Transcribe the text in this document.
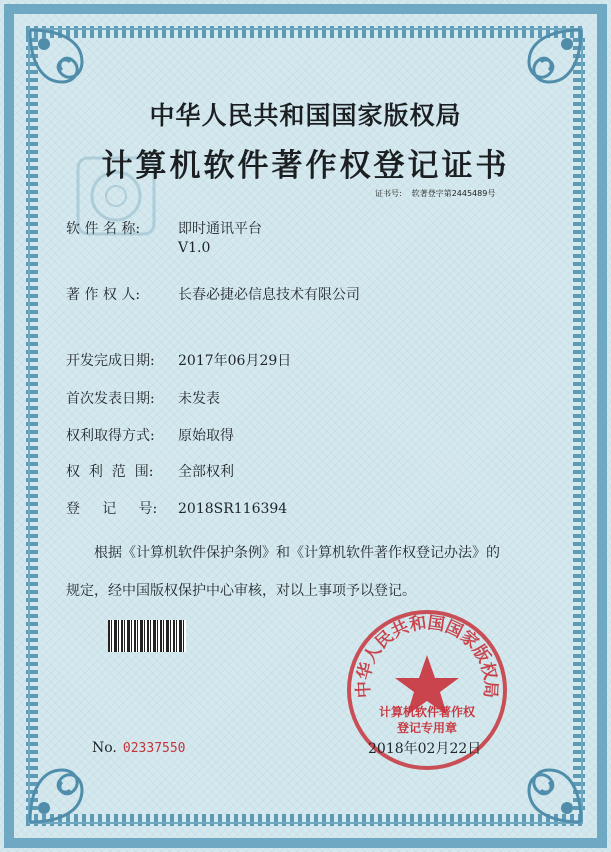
中华人民共和国国家版权局
计算机软件著作权登记证书
证书号: 软著登字第2445489号
软 件 名 称:	即时通讯平台
V1.0
著 作 权 人:	长春必捷必信息技术有限公司
开发完成日期: 2017年06月29日
首次发表日期: 未发表
权利取得方式: 原始取得
权  利  范  围: 全部权利
登     记     号: 2018SR116394
根据《计算机软件保护条例》和《计算机软件著作权登记办法》的
规定，经中国版权保护中心审核，对以上事项予以登记。
中华人民共和国国家版权局
计算机软件著作权
登记专用章
No. 02337550	2018年02月22日
